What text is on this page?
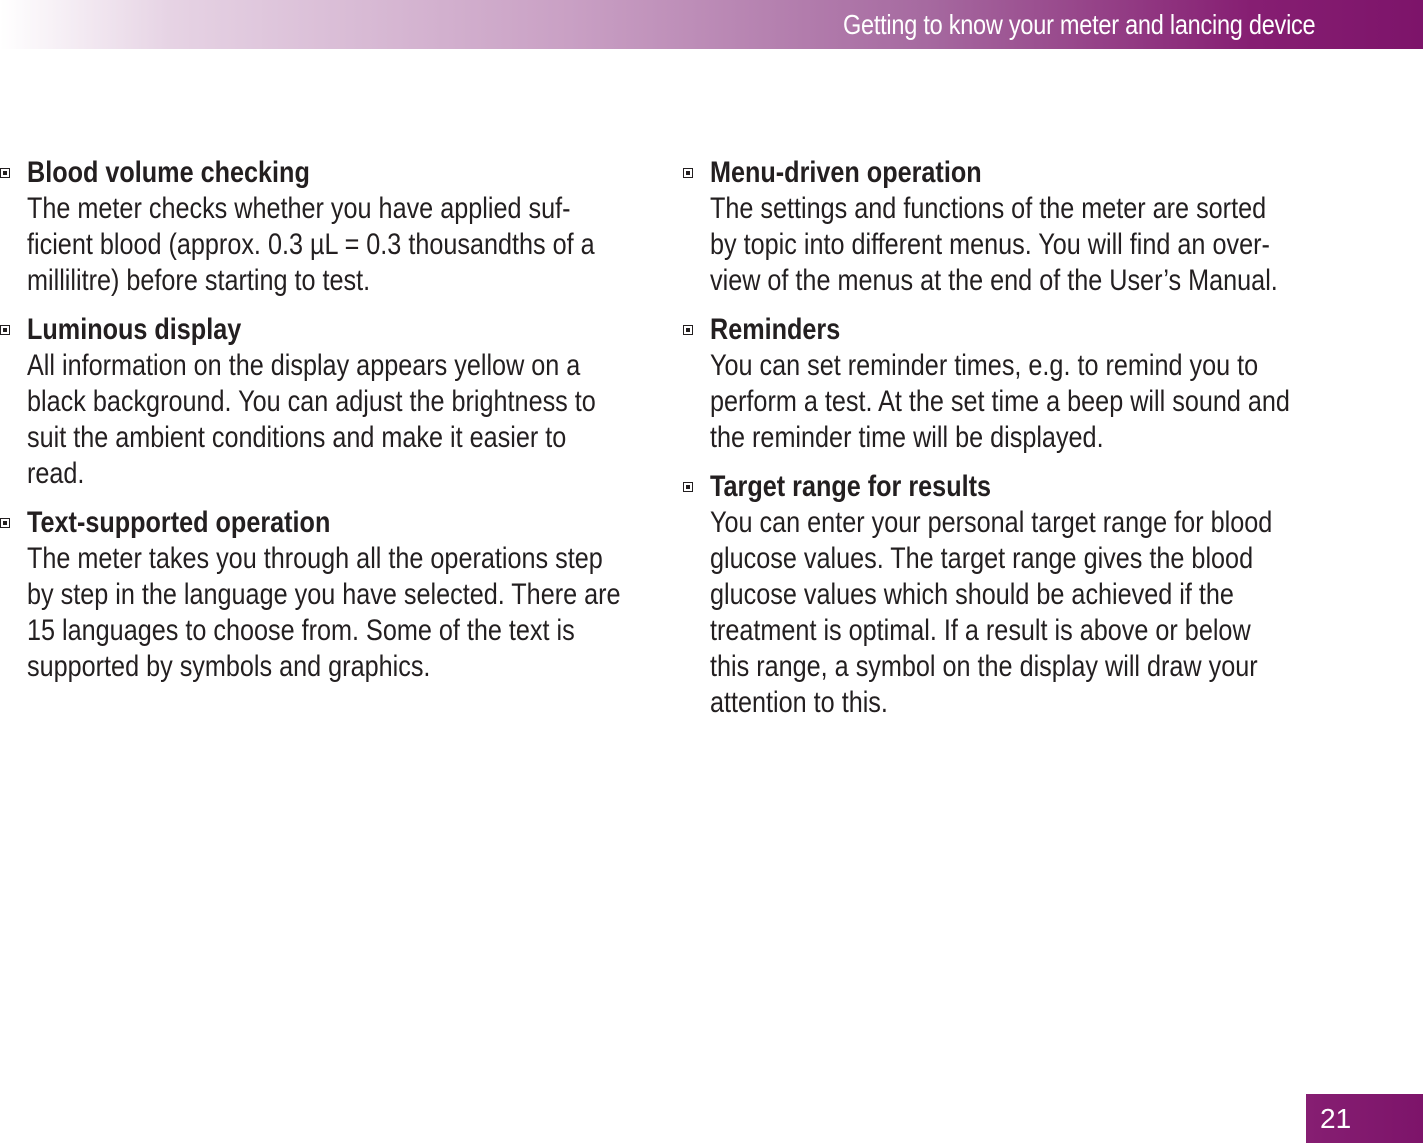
Getting to know your meter and lancing device
Blood volume checking
The meter checks whether you have applied suf-
ficient blood (approx. 0.3 µL = 0.3 thousandths of a
millilitre) before starting to test.
Luminous display
All information on the display appears yellow on a
black background. You can adjust the brightness to
suit the ambient conditions and make it easier to
read.
Text-supported operation
The meter takes you through all the operations step
by step in the language you have selected. There are
15 languages to choose from. Some of the text is
supported by symbols and graphics.
Menu-driven operation
The settings and functions of the meter are sorted
by topic into different menus. You will find an over-
view of the menus at the end of the User’s Manual.
Reminders
You can set reminder times, e.g. to remind you to
perform a test. At the set time a beep will sound and
the reminder time will be displayed.
Target range for results
You can enter your personal target range for blood
glucose values. The target range gives the blood
glucose values which should be achieved if the
treatment is optimal. If a result is above or below
this range, a symbol on the display will draw your
attention to this.
21
